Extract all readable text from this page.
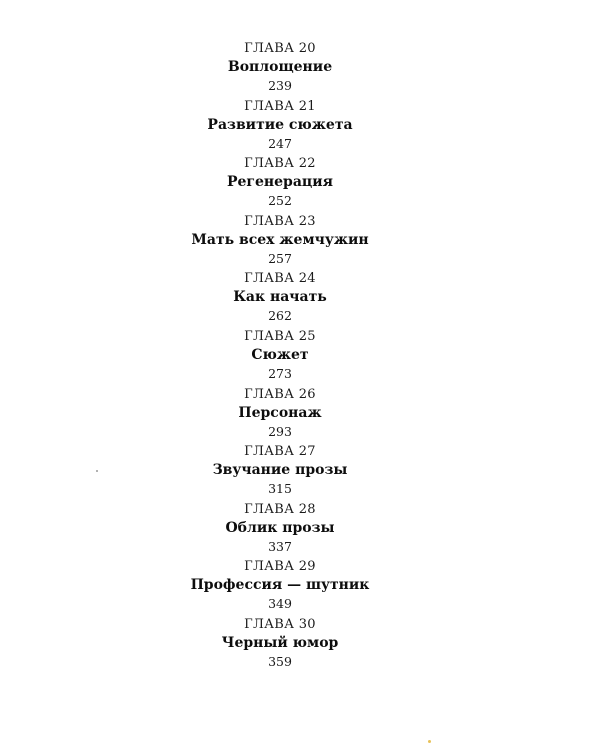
ГЛАВА 20
Воплощение
239
ГЛАВА 21
Развитие сюжета
247
ГЛАВА 22
Регенерация
252
ГЛАВА 23
Мать всех жемчужин
257
ГЛАВА 24
Как начать
262
ГЛАВА 25
Сюжет
273
ГЛАВА 26
Персонаж
293
ГЛАВА 27
Звучание прозы
315
ГЛАВА 28
Облик прозы
337
ГЛАВА 29
Профессия — шутник
349
ГЛАВА 30
Черный юмор
359
